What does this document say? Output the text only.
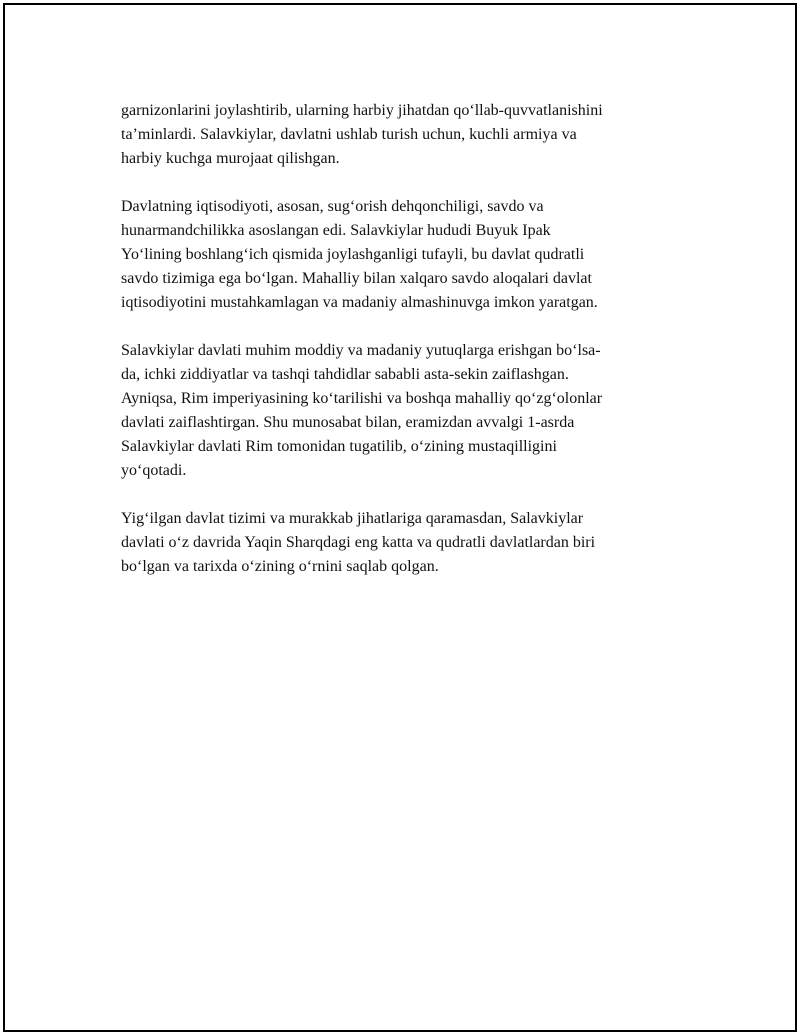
garnizonlarini joylashtirib, ularning harbiy jihatdan qo‘llab-quvvatlanishini
ta’minlardi. Salavkiylar, davlatni ushlab turish uchun, kuchli armiya va
harbiy kuchga murojaat qilishgan.

Davlatning iqtisodiyoti, asosan, sug‘orish dehqonchiligi, savdo va
hunarmandchilikka asoslangan edi. Salavkiylar hududi Buyuk Ipak
Yo‘lining boshlang‘ich qismida joylashganligi tufayli, bu davlat qudratli
savdo tizimiga ega bo‘lgan. Mahalliy bilan xalqaro savdo aloqalari davlat
iqtisodiyotini mustahkamlagan va madaniy almashinuvga imkon yaratgan.

Salavkiylar davlati muhim moddiy va madaniy yutuqlarga erishgan bo‘lsa-
da, ichki ziddiyatlar va tashqi tahdidlar sababli asta-sekin zaiflashgan.
Ayniqsa, Rim imperiyasining ko‘tarilishi va boshqa mahalliy qo‘zg‘olonlar
davlati zaiflashtirgan. Shu munosabat bilan, eramizdan avvalgi 1-asrda
Salavkiylar davlati Rim tomonidan tugatilib, o‘zining mustaqilligini
yo‘qotadi.

Yig‘ilgan davlat tizimi va murakkab jihatlariga qaramasdan, Salavkiylar
davlati o‘z davrida Yaqin Sharqdagi eng katta va qudratli davlatlardan biri
bo‘lgan va tarixda o‘zining o‘rnini saqlab qolgan.
